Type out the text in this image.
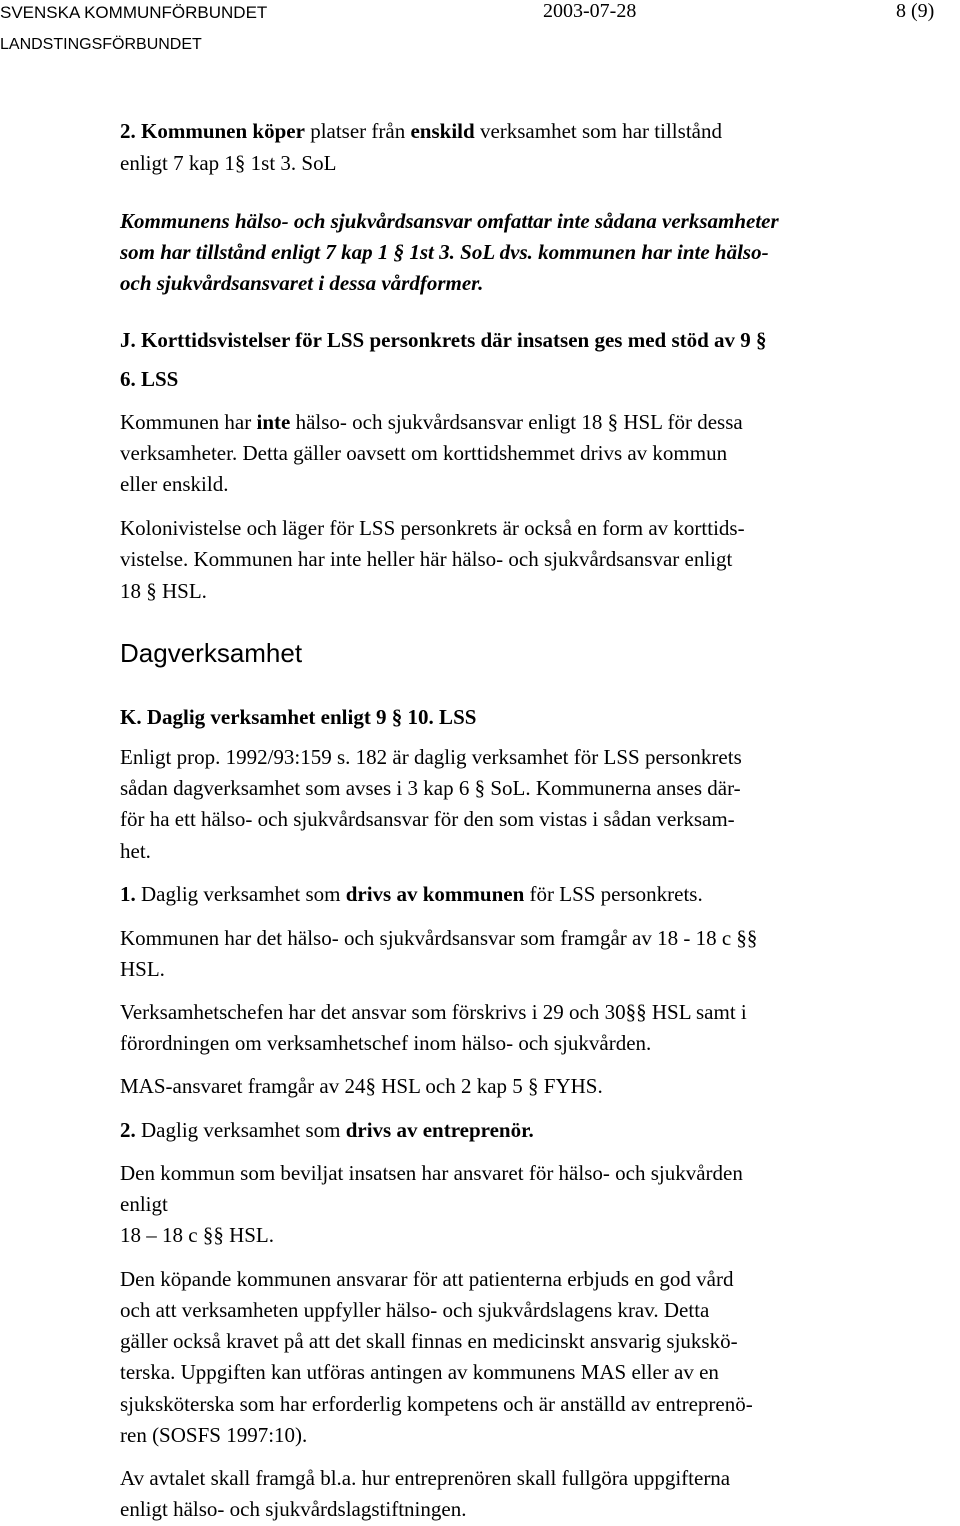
SVENSKA KOMMUNFÖRBUNDET
LANDSTINGSFÖRBUNDET
2003-07-28	8 (9)
2. Kommunen köper platser från enskild verksamhet som har tillstånd
enligt 7 kap 1§ 1st 3. SoL
Kommunens hälso- och sjukvårdsansvar omfattar inte sådana verksamheter
som har tillstånd enligt 7 kap 1 § 1st 3. SoL dvs. kommunen har inte hälso-
och sjukvårdsansvaret i dessa vårdformer.
J. Korttidsvistelser för LSS personkrets där insatsen ges med stöd av 9 §
6. LSS
Kommunen har inte hälso- och sjukvårdsansvar enligt 18 § HSL för dessa
verksamheter. Detta gäller oavsett om korttidshemmet drivs av kommun
eller enskild.
Kolonivistelse och läger för LSS personkrets är också en form av korttids-
vistelse. Kommunen har inte heller här hälso- och sjukvårdsansvar enligt
18 § HSL.
Dagverksamhet
K. Daglig verksamhet enligt 9 § 10. LSS
Enligt prop. 1992/93:159 s. 182 är daglig verksamhet för LSS personkrets
sådan dagverksamhet som avses i 3 kap 6 § SoL. Kommunerna anses där-
för ha ett hälso- och sjukvårdsansvar för den som vistas i sådan verksam-
het.
1. Daglig verksamhet som drivs av kommunen för LSS personkrets.
Kommunen har det hälso- och sjukvårdsansvar som framgår av 18 - 18 c §§
HSL.
Verksamhetschefen har det ansvar som förskrivs i 29 och 30§§ HSL samt i
förordningen om verksamhetschef inom hälso- och sjukvården.
MAS-ansvaret framgår av 24§ HSL och 2 kap 5 § FYHS.
2. Daglig verksamhet som drivs av entreprenör.
Den kommun som beviljat insatsen har ansvaret för hälso- och sjukvården
enligt
18 – 18 c §§ HSL.
Den köpande kommunen ansvarar för att patienterna erbjuds en god vård
och att verksamheten uppfyller hälso- och sjukvårdslagens krav. Detta
gäller också kravet på att det skall finnas en medicinskt ansvarig sjukskö-
terska. Uppgiften kan utföras antingen av kommunens MAS eller av en
sjuksköterska som har erforderlig kompetens och är anställd av entreprenö-
ren (SOSFS 1997:10).
Av avtalet skall framgå bl.a. hur entreprenören skall fullgöra uppgifterna
enligt hälso- och sjukvårdslagstiftningen.
